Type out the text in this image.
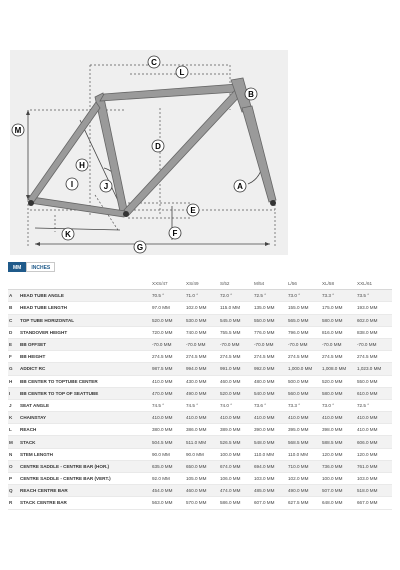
C
L
B
M
D
H
I	J	A
E
K	F
G
MM	INCHES
		XXS/47	XS/49	S/52	M/54	L/56	XL/58	XXL/61
A	HEAD TUBE ANGLE	70.5 °	71.0 °	72.0 °	72.5 °	73.0 °	73.3 °	73.5 °
B	HEAD TUBE LENGTH	97.0 MM	102.0 MM	115.0 MM	135.0 MM	155.0 MM	175.0 MM	193.0 MM
C	TOP TUBE HORIZONTAL	520.0 MM	530.0 MM	545.0 MM	550.0 MM	565.0 MM	580.0 MM	602.0 MM
D	STANDOVER HEIGHT	720.0 MM	740.0 MM	755.5 MM	776.0 MM	796.0 MM	816.0 MM	838.0 MM
E	BB OFFSET	-70.0 MM	-70.0 MM	-70.0 MM	-70.0 MM	-70.0 MM	-70.0 MM	-70.0 MM
F	BB HEIGHT	274.5 MM	274.5 MM	274.5 MM	274.5 MM	274.5 MM	274.5 MM	274.5 MM
G	ADDICT RC	987.5 MM	994.0 MM	991.0 MM	992.0 MM	1,000.0 MM	1,008.0 MM	1,023.0 MM
H	BB CENTER TO TOPTUBE CENTER	410.0 MM	430.0 MM	460.0 MM	480.0 MM	500.0 MM	520.0 MM	550.0 MM
I	BB CENTER TO TOP OF SEATTUBE	470.0 MM	490.0 MM	520.0 MM	540.0 MM	560.0 MM	580.0 MM	610.0 MM
J	SEAT ANGLE	74.5 °	74.5 °	74.0 °	73.6 °	73.3 °	73.0 °	72.5 °
K	CHAINSTAY	410.0 MM	410.0 MM	410.0 MM	410.0 MM	410.0 MM	410.0 MM	410.0 MM
L	REACH	380.0 MM	386.0 MM	389.0 MM	390.0 MM	395.0 MM	398.0 MM	410.0 MM
M	STACK	504.5 MM	511.0 MM	526.5 MM	548.0 MM	568.5 MM	588.5 MM	606.0 MM
N	STEM LENGTH	90.0 MM	90.0 MM	100.0 MM	110.0 MM	110.0 MM	120.0 MM	120.0 MM
O	CENTRE SADDLE - CENTRE BAR (HOR.)	635.0 MM	650.0 MM	674.0 MM	694.0 MM	710.0 MM	736.0 MM	761.0 MM
P	CENTRE SADDLE - CENTRE BAR (VERT.)	92.0 MM	105.0 MM	106.0 MM	103.0 MM	102.0 MM	100.0 MM	103.0 MM
Q	REACH CENTRE BAR	454.0 MM	460.0 MM	474.0 MM	485.0 MM	490.0 MM	507.0 MM	518.0 MM
R	STACK CENTRE BAR	563.0 MM	570.0 MM	586.0 MM	607.0 MM	627.5 MM	648.0 MM	667.0 MM
